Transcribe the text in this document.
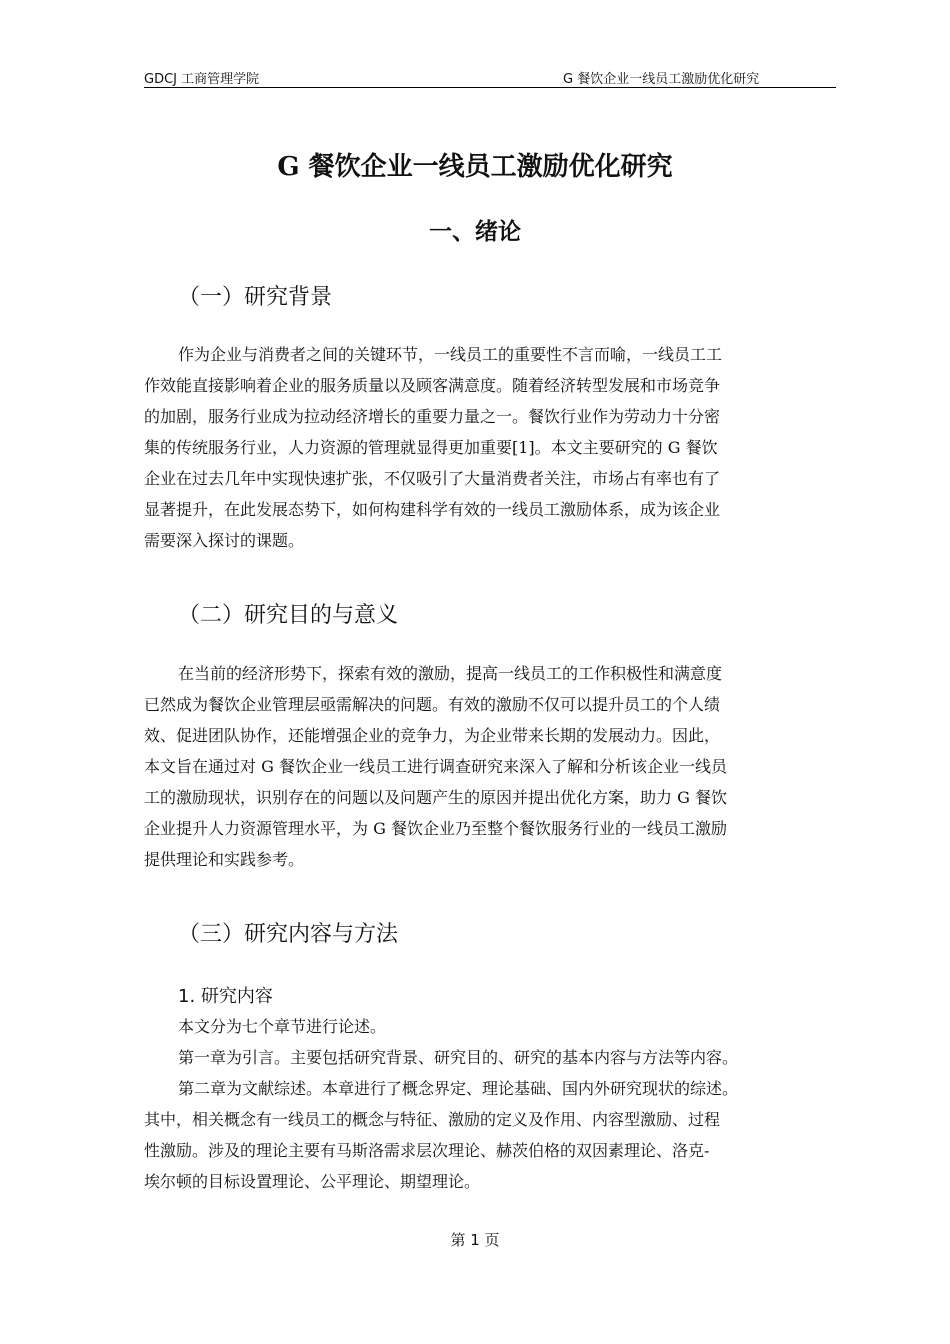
GDCJ 工商管理学院	G 餐饮企业一线员工激励优化研究
G 餐饮企业一线员工激励优化研究
一、绪论
（一）研究背景
作为企业与消费者之间的关键环节，一线员工的重要性不言而喻，一线员工工
作效能直接影响着企业的服务质量以及顾客满意度。随着经济转型发展和市场竞争
的加剧，服务行业成为拉动经济增长的重要力量之一。餐饮行业作为劳动力十分密
集的传统服务行业，人力资源的管理就显得更加重要[1]。本文主要研究的 G 餐饮
企业在过去几年中实现快速扩张，不仅吸引了大量消费者关注，市场占有率也有了
显著提升，在此发展态势下，如何构建科学有效的一线员工激励体系，成为该企业
需要深入探讨的课题。
（二）研究目的与意义
在当前的经济形势下，探索有效的激励，提高一线员工的工作积极性和满意度
已然成为餐饮企业管理层亟需解决的问题。有效的激励不仅可以提升员工的个人绩
效、促进团队协作，还能增强企业的竞争力，为企业带来长期的发展动力。因此，
本文旨在通过对 G 餐饮企业一线员工进行调查研究来深入了解和分析该企业一线员
工的激励现状，识别存在的问题以及问题产生的原因并提出优化方案，助力 G 餐饮
企业提升人力资源管理水平，为 G 餐饮企业乃至整个餐饮服务行业的一线员工激励
提供理论和实践参考。
（三）研究内容与方法
1. 研究内容
本文分为七个章节进行论述。
第一章为引言。主要包括研究背景、研究目的、研究的基本内容与方法等内容。
第二章为文献综述。本章进行了概念界定、理论基础、国内外研究现状的综述。
其中，相关概念有一线员工的概念与特征、激励的定义及作用、内容型激励、过程
性激励。涉及的理论主要有马斯洛需求层次理论、赫茨伯格的双因素理论、洛克-
埃尔顿的目标设置理论、公平理论、期望理论。
第 1 页
